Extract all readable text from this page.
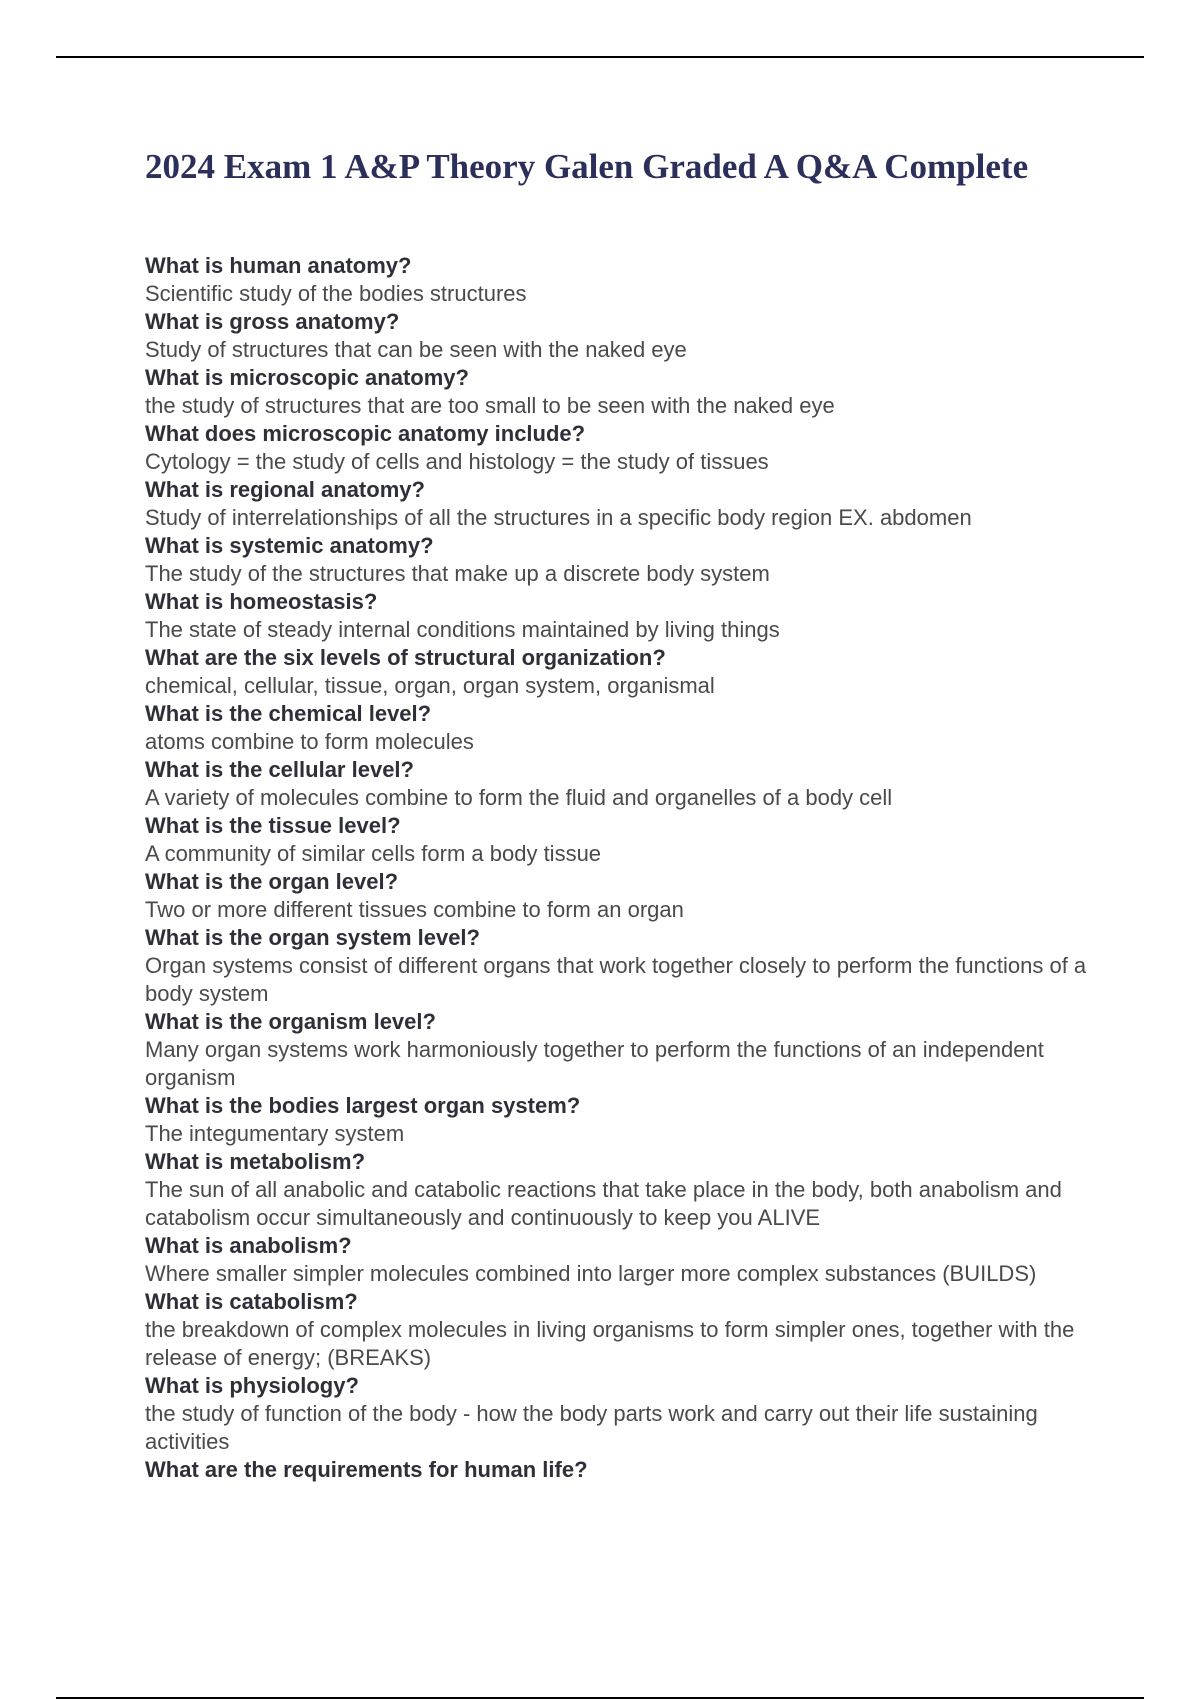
2024 Exam 1 A&P Theory Galen Graded A Q&A Complete
What is human anatomy?
Scientific study of the bodies structures
What is gross anatomy?
Study of structures that can be seen with the naked eye
What is microscopic anatomy?
the study of structures that are too small to be seen with the naked eye
What does microscopic anatomy include?
Cytology = the study of cells and histology = the study of tissues
What is regional anatomy?
Study of interrelationships of all the structures in a specific body region EX. abdomen
What is systemic anatomy?
The study of the structures that make up a discrete body system
What is homeostasis?
The state of steady internal conditions maintained by living things
What are the six levels of structural organization?
chemical, cellular, tissue, organ, organ system, organismal
What is the chemical level?
atoms combine to form molecules
What is the cellular level?
A variety of molecules combine to form the fluid and organelles of a body cell
What is the tissue level?
A community of similar cells form a body tissue
What is the organ level?
Two or more different tissues combine to form an organ
What is the organ system level?
Organ systems consist of different organs that work together closely to perform the functions of a body system
What is the organism level?
Many organ systems work harmoniously together to perform the functions of an independent organism
What is the bodies largest organ system?
The integumentary system
What is metabolism?
The sun of all anabolic and catabolic reactions that take place in the body, both anabolism and catabolism occur simultaneously and continuously to keep you ALIVE
What is anabolism?
Where smaller simpler molecules combined into larger more complex substances (BUILDS)
What is catabolism?
the breakdown of complex molecules in living organisms to form simpler ones, together with the release of energy; (BREAKS)
What is physiology?
the study of function of the body - how the body parts work and carry out their life sustaining activities
What are the requirements for human life?
